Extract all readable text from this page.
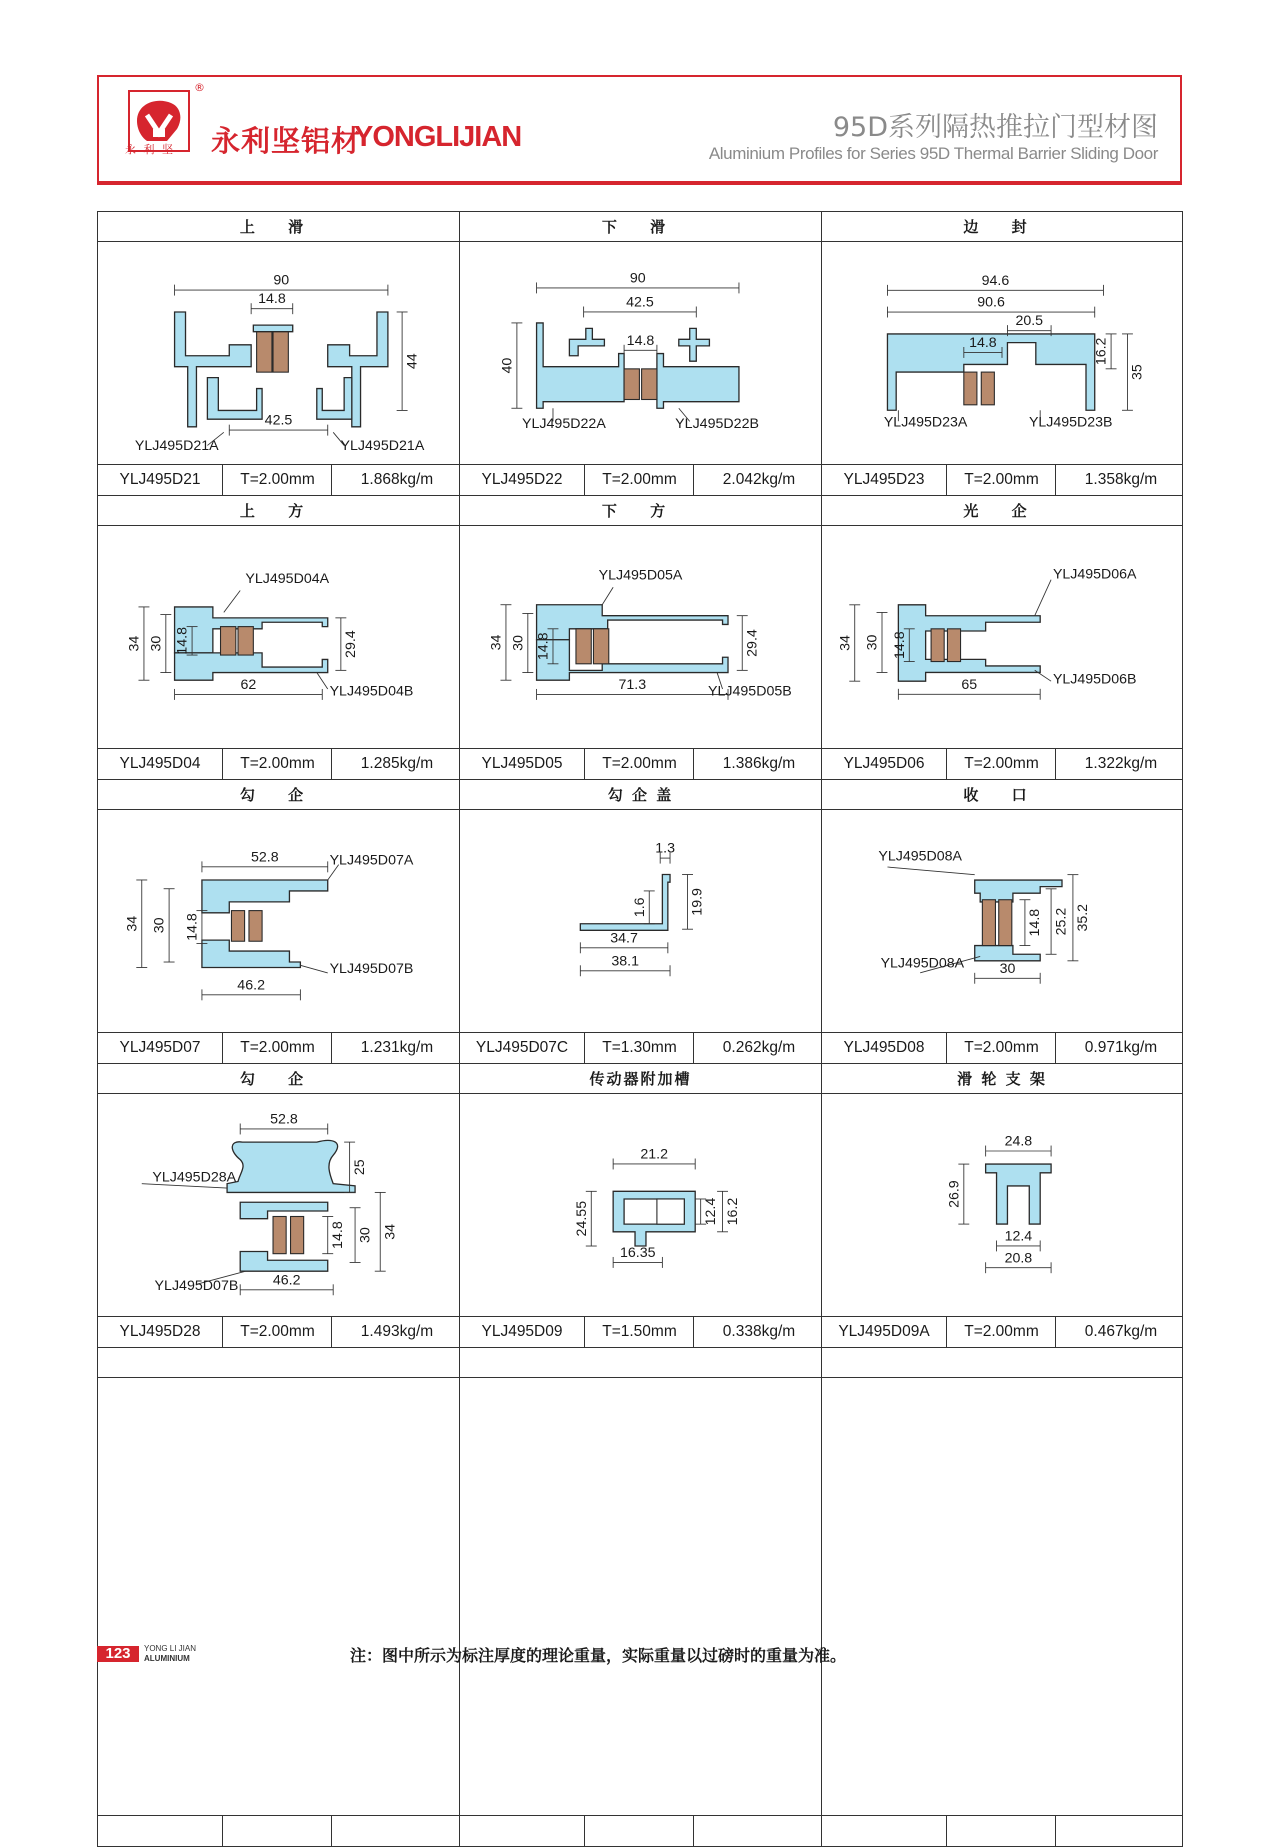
永 利 坚
®
永利坚铝材
YONGLIJIAN	95D系列隔热推拉门型材图
Aluminium Profiles for Series 95D Thermal Barrier Sliding Door
上 滑
YLJ495D21	T=2.00mm	1.868kg/m
90
14.8
44
42.5
YLJ495D21A	YLJ495D21A
下 滑
YLJ495D22	T=2.00mm	2.042kg/m
90
42.5
14.8
40
YLJ495D22A	YLJ495D22B
边 封
YLJ495D23	T=2.00mm	1.358kg/m
94.6
90.6
20.5
14.8	16.2
35
YLJ495D23A	YLJ495D23B
上 方
YLJ495D04	T=2.00mm	1.285kg/m
34 30 14.8	29.4
62
YLJ495D04A
YLJ495D04B
下 方
YLJ495D05	T=2.00mm	1.386kg/m
34 30 14.8	29.4
71.3
YLJ495D05A
YLJ495D05B
光 企
YLJ495D06	T=2.00mm	1.322kg/m
34 30 14.8
65
YLJ495D06A
YLJ495D06B
勾 企
YLJ495D07	T=2.00mm	1.231kg/m
52.8
34 30 14.8
46.2
YLJ495D07A
YLJ495D07B
勾 企 盖
YLJ495D07C	T=1.30mm	0.262kg/m
1.3
1.6	19.9
34.7
38.1
收 口
YLJ495D08	T=2.00mm	0.971kg/m
14.8 25.2 35.2
30
YLJ495D08A
YLJ495D08A
勾 企
YLJ495D28	T=2.00mm	1.493kg/m
52.8
25
14.8 30 34
46.2
YLJ495D28A
YLJ495D07B
传动器附加槽
YLJ495D09	T=1.50mm	0.338kg/m
21.2
24.55	12.4 16.2
16.35
滑 轮 支 架
YLJ495D09A	T=2.00mm	0.467kg/m
24.8
26.9
12.4
20.8
123	YONG LI JIAN
ALUMINIUM	注：图中所示为标注厚度的理论重量，实际重量以过磅时的重量为准。
